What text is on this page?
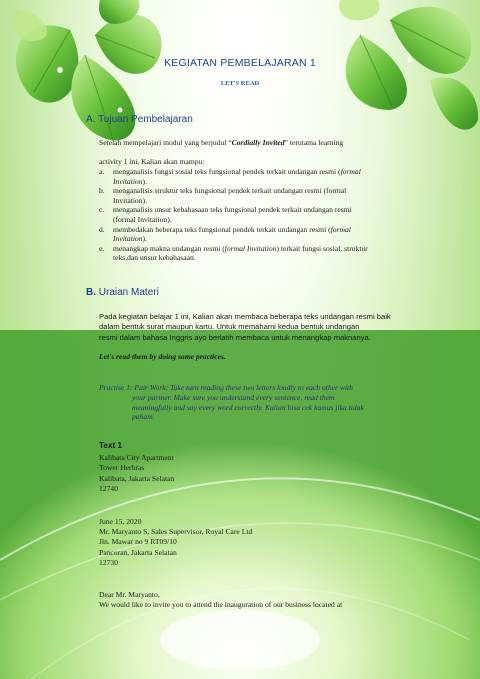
KEGIATAN PEMBELAJARAN 1
LET'S READ
A. Tujuan Pembelajaran
Setelah mempelajari modul yang berjudul “Cordially Invited” terutama learning
activity 1 ini, Kalian akan mampu:
a. menganalisis fungsi sosial teks fungsional pendek terkait undangan resmi (formal
Invitation).
b. menganalisis struktur teks fungsional pendek terkait undangan resmi (formal
Invitation).
c. menganalisis unsur kebahasaan teks fungsional pendek terkait undangan resmi
(formal Invitation).
d. membedakan beberapa teks fungsional pendek terkait undangan resmi (formal
Invitation).
e. menangkap makna undangan resmi (formal Invitation) terkait fungsi sosial, struktur
teks,dan unsur kebahasaan.
B. Uraian Materi
Pada kegiatan belajar 1 ini, Kalian akan membaca beberapa teks undangan resmi baik
dalam bentuk surat maupun kartu. Untuk memahami kedua bentuk undangan
resmi dalam bahasa Inggris ayo berlatih membaca untuk menangkap maknanya.
Let's read them by doing some practices.
Practise 1: Pair Work: Take turn reading these two letters loudly to each other with
your partner. Make sure you understand every sentence, read them
meaningfully and say every word correctly. Kalian bisa cek kamus jika tidak
paham.
Text 1
Kalibata City Apartment
Tower Herbras
Kalibata, Jakarta Selatan
12740
June 15, 2020
Mr. Maryanto S, Sales Supervisor, Royal Care Ltd
Jln. Mawar no 9 RT09/10
Pancoran, Jakarta Selatan
12730
Dear Mr. Maryanto,
We would like to invite you to attend the inauguration of our business located at
